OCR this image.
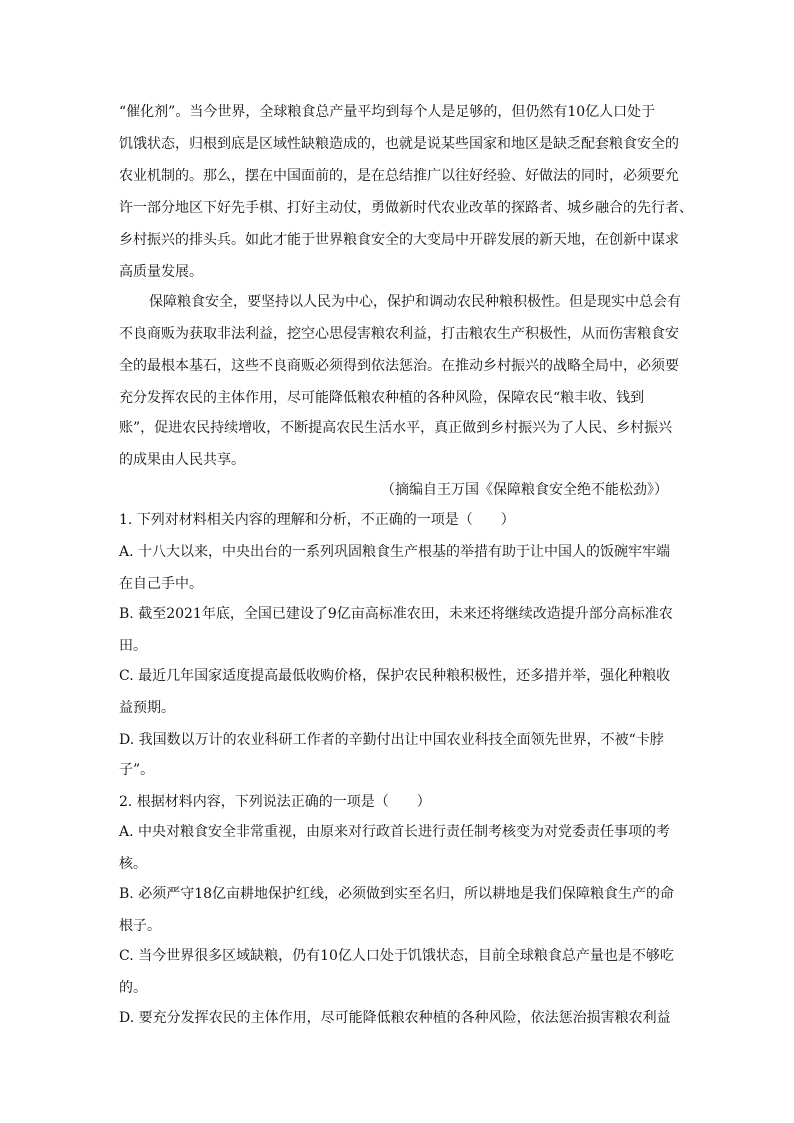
“催化剂”。当今世界，全球粮食总产量平均到每个人是足够的，但仍然有10亿人口处于
饥饿状态，归根到底是区域性缺粮造成的，也就是说某些国家和地区是缺乏配套粮食安全的
农业机制的。那么，摆在中国面前的，是在总结推广以往好经验、好做法的同时，必须要允
许一部分地区下好先手棋、打好主动仗，勇做新时代农业改革的探路者、城乡融合的先行者、
乡村振兴的排头兵。如此才能于世界粮食安全的大变局中开辟发展的新天地，在创新中谋求
高质量发展。
保障粮食安全，要坚持以人民为中心，保护和调动农民种粮积极性。但是现实中总会有
不良商贩为获取非法利益，挖空心思侵害粮农利益，打击粮农生产积极性，从而伤害粮食安
全的最根本基石，这些不良商贩必须得到依法惩治。在推动乡村振兴的战略全局中，必须要
充分发挥农民的主体作用，尽可能降低粮农种植的各种风险，保障农民“粮丰收、钱到
账”，促进农民持续增收，不断提高农民生活水平，真正做到乡村振兴为了人民、乡村振兴
的成果由人民共享。
（摘编自王万国《保障粮食安全绝不能松劲》）
1. 下列对材料相关内容的理解和分析，不正确的一项是（　　）
A. 十八大以来，中央出台的一系列巩固粮食生产根基的举措有助于让中国人的饭碗牢牢端
在自己手中。
B. 截至2021年底，全国已建设了9亿亩高标准农田，未来还将继续改造提升部分高标准农
田。
C. 最近几年国家适度提高最低收购价格，保护农民种粮积极性，还多措并举，强化种粮收
益预期。
D. 我国数以万计的农业科研工作者的辛勤付出让中国农业科技全面领先世界，不被“卡脖
子”。
2. 根据材料内容，下列说法正确的一项是（　　）
A. 中央对粮食安全非常重视，由原来对行政首长进行责任制考核变为对党委责任事项的考
核。
B. 必须严守18亿亩耕地保护红线，必须做到实至名归，所以耕地是我们保障粮食生产的命
根子。
C. 当今世界很多区域缺粮，仍有10亿人口处于饥饿状态，目前全球粮食总产量也是不够吃
的。
D. 要充分发挥农民的主体作用，尽可能降低粮农种植的各种风险，依法惩治损害粮农利益
